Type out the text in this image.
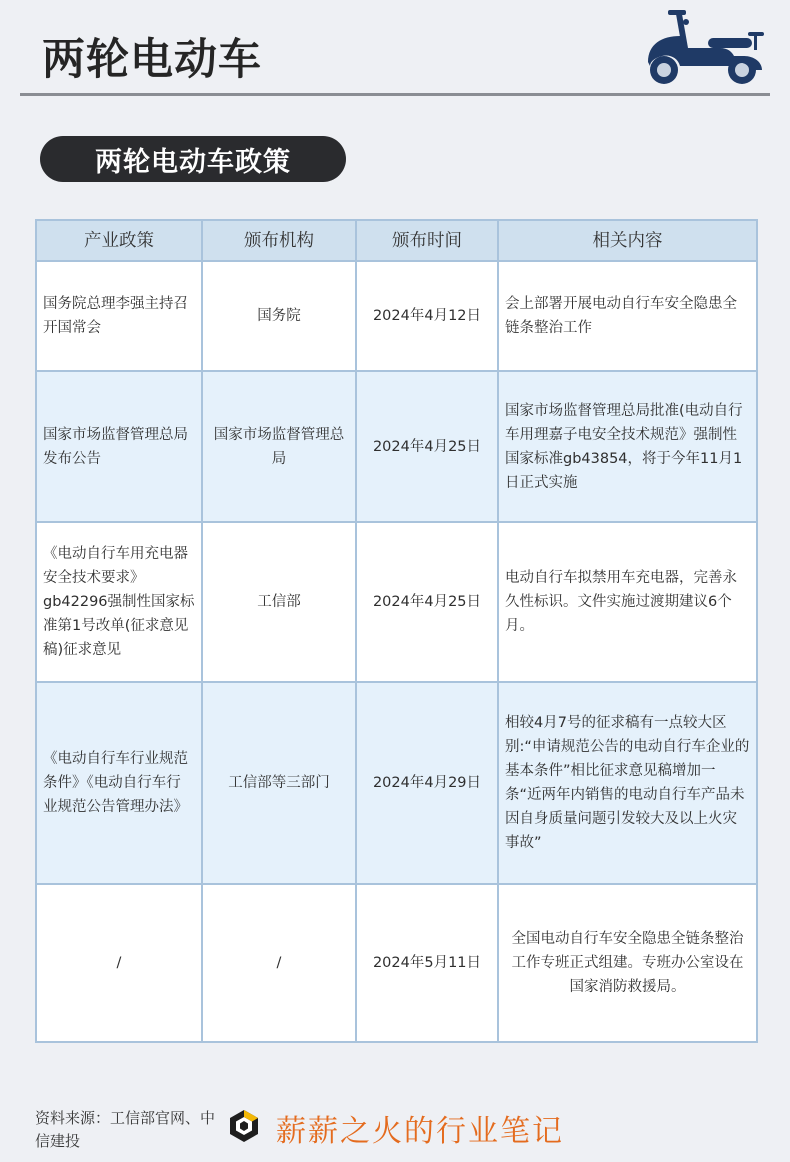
两轮电动车
两轮电动车政策
产业政策	颁布机构	颁布时间	相关内容
国务院总理李强主持召开国常会	国务院	2024年4月12日	会上部署开展电动自行车安全隐患全链条整治工作
国家市场监督管理总局发布公告	国家市场监督管理总局	2024年4月25日	国家市场监督管理总局批准(电动自行车用理嘉子电安全技术规范》强制性国家标准gb43854，将于今年11月1日正式实施
《电动自行车用充电器安全技术要求》gb42296强制性国家标准第1号改单(征求意见稿)征求意见	工信部	2024年4月25日	电动自行车拟禁用车充电器，完善永久性标识。文件实施过渡期建议6个月。
《电动自行车行业规范条件》《电动自行车行业规范公告管理办法》	工信部等三部门	2024年4月29日	相较4月7号的征求稿有一点较大区别:“申请规范公告的电动自行车企业的基本条件”相比征求意见稿增加一条“近两年内销售的电动自行车产品未因自身质量问题引发较大及以上火灾事故”
/	/	2024年5月11日	全国电动自行车安全隐患全链条整治工作专班正式组建。专班办公室设在国家消防救援局。
资料来源：工信部官网、中信建投	薪薪之火的行业笔记
